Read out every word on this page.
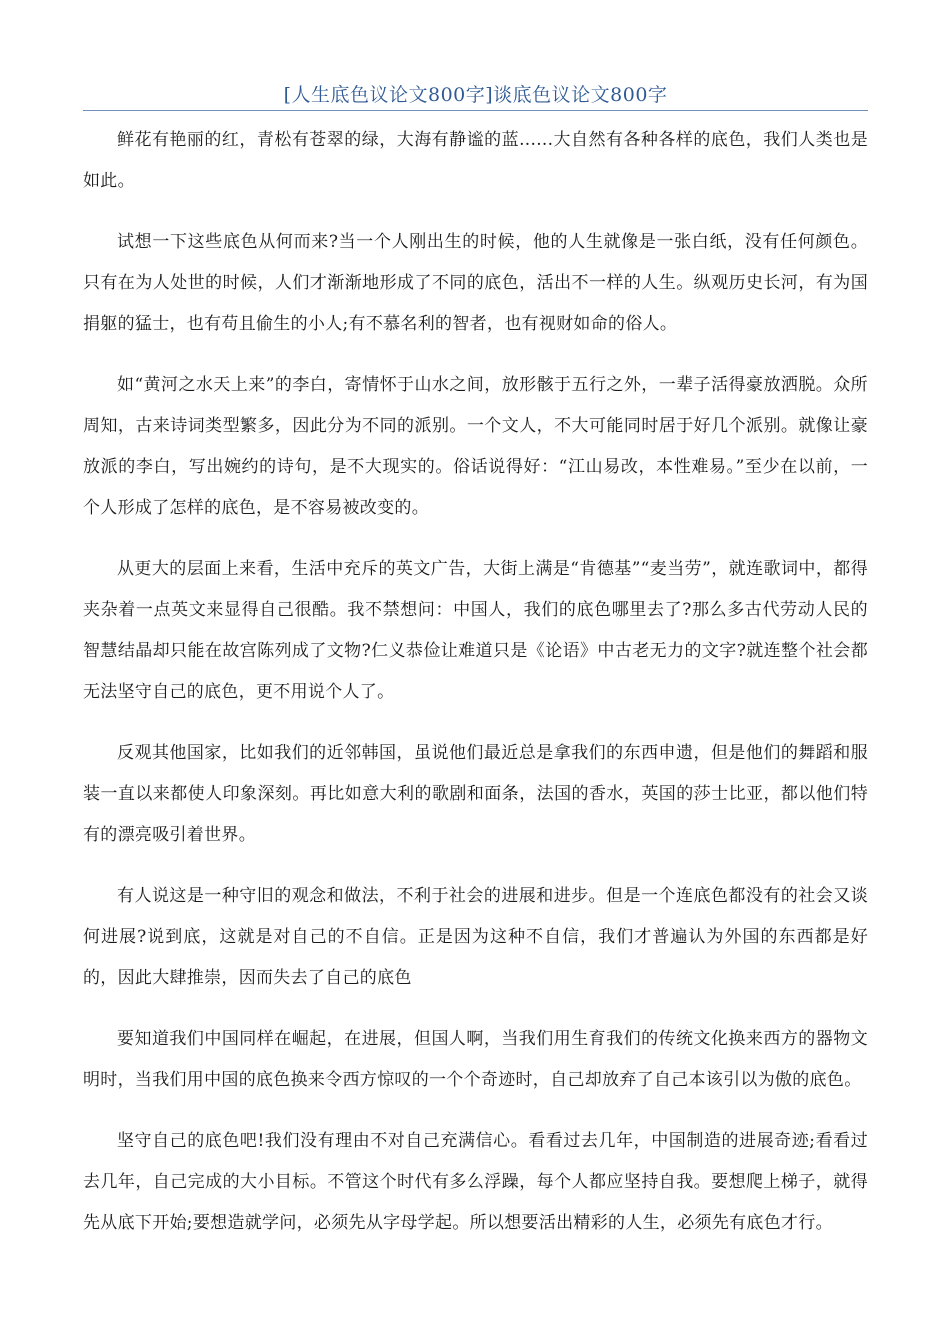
[人生底色议论文800字]谈底色议论文800字

鲜花有艳丽的红，青松有苍翠的绿，大海有静谧的蓝......大自然有各种各样的底色，我们人类也是如此。

试想一下这些底色从何而来?当一个人刚出生的时候，他的人生就像是一张白纸，没有任何颜色。只有在为人处世的时候，人们才渐渐地形成了不同的底色，活出不一样的人生。纵观历史长河，有为国捐躯的猛士，也有苟且偷生的小人;有不慕名利的智者，也有视财如命的俗人。

如“黄河之水天上来”的李白，寄情怀于山水之间，放形骸于五行之外，一辈子活得豪放洒脱。众所周知，古来诗词类型繁多，因此分为不同的派别。一个文人，不大可能同时居于好几个派别。就像让豪放派的李白，写出婉约的诗句，是不大现实的。俗话说得好：“江山易改，本性难易。”至少在以前，一个人形成了怎样的底色，是不容易被改变的。

从更大的层面上来看，生活中充斥的英文广告，大街上满是“肯德基”“麦当劳”，就连歌词中，都得夹杂着一点英文来显得自己很酷。我不禁想问：中国人，我们的底色哪里去了?那么多古代劳动人民的智慧结晶却只能在故宫陈列成了文物?仁义恭俭让难道只是《论语》中古老无力的文字?就连整个社会都无法坚守自己的底色，更不用说个人了。

反观其他国家，比如我们的近邻韩国，虽说他们最近总是拿我们的东西申遗，但是他们的舞蹈和服装一直以来都使人印象深刻。再比如意大利的歌剧和面条，法国的香水，英国的莎士比亚，都以他们特有的漂亮吸引着世界。

有人说这是一种守旧的观念和做法，不利于社会的进展和进步。但是一个连底色都没有的社会又谈何进展?说到底，这就是对自己的不自信。正是因为这种不自信，我们才普遍认为外国的东西都是好的，因此大肆推崇，因而失去了自己的底色

要知道我们中国同样在崛起，在进展，但国人啊，当我们用生育我们的传统文化换来西方的器物文明时，当我们用中国的底色换来令西方惊叹的一个个奇迹时，自己却放弃了自己本该引以为傲的底色。

坚守自己的底色吧!我们没有理由不对自己充满信心。看看过去几年，中国制造的进展奇迹;看看过去几年，自己完成的大小目标。不管这个时代有多么浮躁，每个人都应坚持自我。要想爬上梯子，就得先从底下开始;要想造就学问，必须先从字母学起。所以想要活出精彩的人生，必须先有底色才行。
